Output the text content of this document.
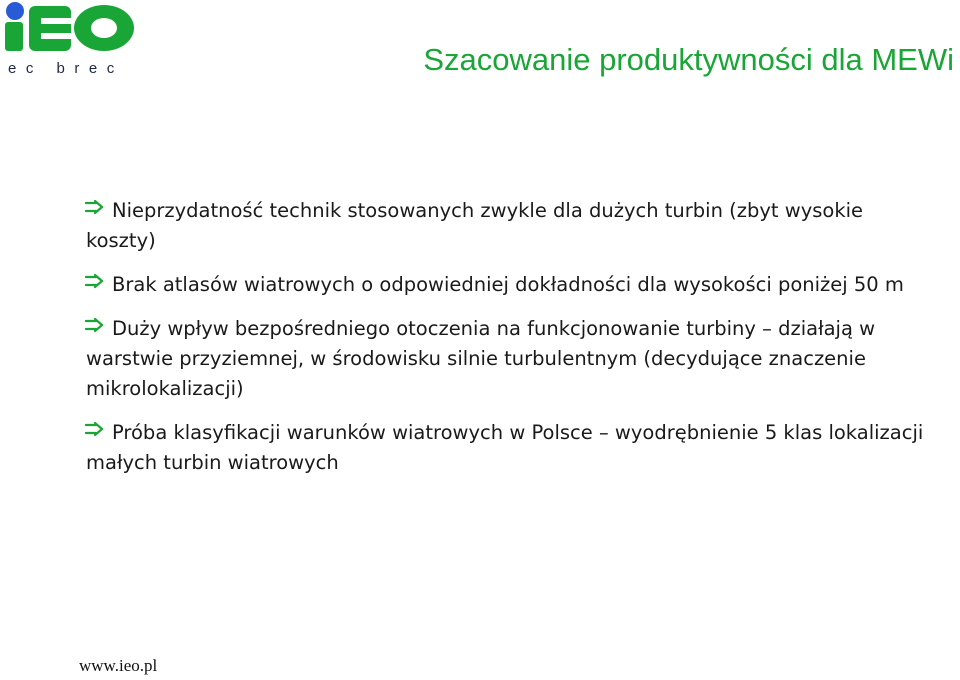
ec brec	Szacowanie produktywności dla MEWi
Nieprzydatność technik stosowanych zwykle dla dużych turbin (zbyt wysokie koszty)
Brak atlasów wiatrowych o odpowiedniej dokładności dla wysokości poniżej 50 m
Duży wpływ bezpośredniego otoczenia na funkcjonowanie turbiny – działają w warstwie przyziemnej, w środowisku silnie turbulentnym (decydujące znaczenie mikrolokalizacji)
Próba klasyfikacji warunków wiatrowych w Polsce – wyodrębnienie 5 klas lokalizacji małych turbin wiatrowych
www.ieo.pl
